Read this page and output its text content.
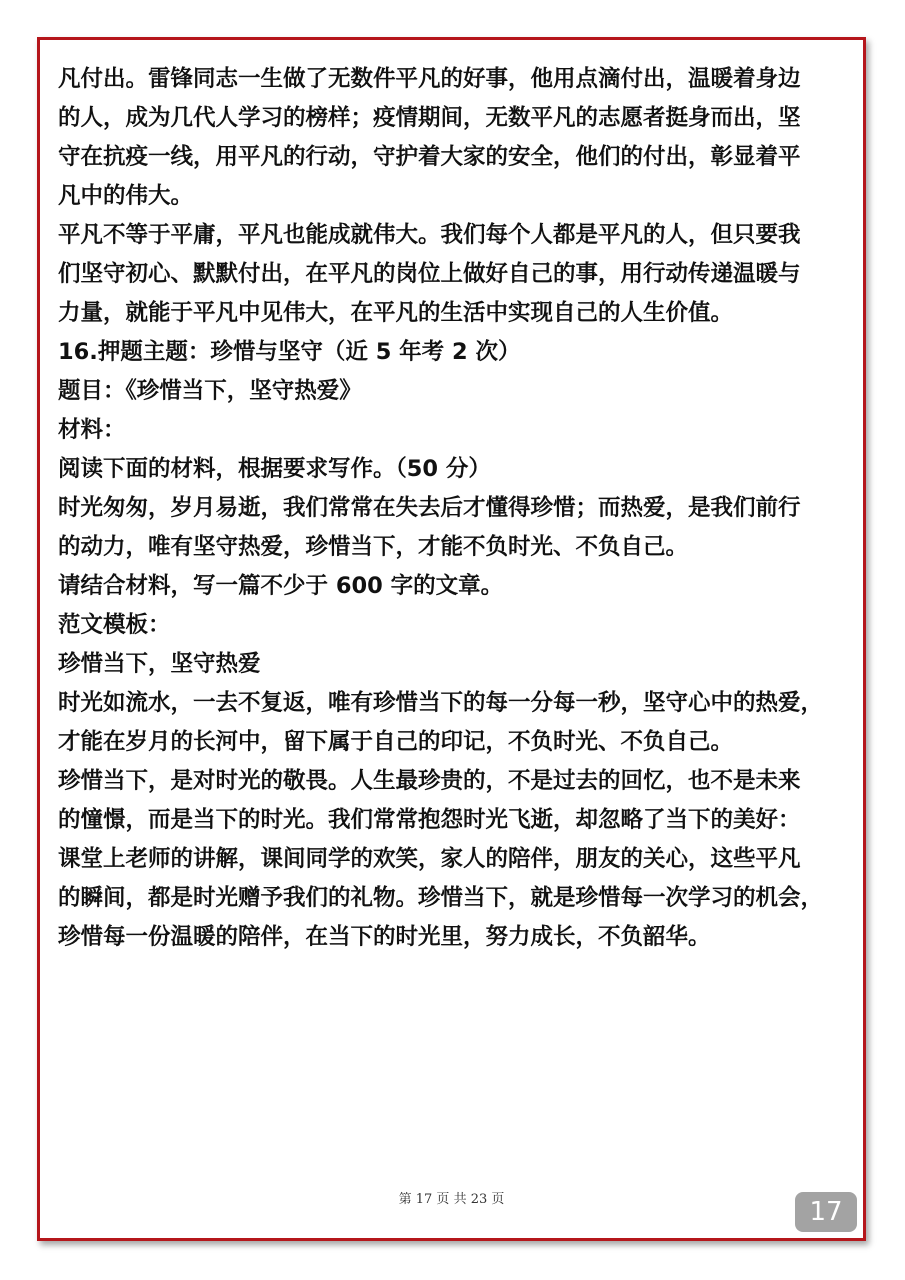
凡付出。雷锋同志一生做了无数件平凡的好事，他用点滴付出，温暖着身边
的人，成为几代人学习的榜样；疫情期间，无数平凡的志愿者挺身而出，坚
守在抗疫一线，用平凡的行动，守护着大家的安全，他们的付出，彰显着平
凡中的伟大。
平凡不等于平庸，平凡也能成就伟大。我们每个人都是平凡的人，但只要我
们坚守初心、默默付出，在平凡的岗位上做好自己的事，用行动传递温暖与
力量，就能于平凡中见伟大，在平凡的生活中实现自己的人生价值。
16.押题主题：珍惜与坚守（近 5 年考 2 次）
题目：《珍惜当下，坚守热爱》
材料：
阅读下面的材料，根据要求写作。（50 分）
时光匆匆，岁月易逝，我们常常在失去后才懂得珍惜；而热爱，是我们前行
的动力，唯有坚守热爱，珍惜当下，才能不负时光、不负自己。
请结合材料，写一篇不少于 600 字的文章。
范文模板：
珍惜当下，坚守热爱
时光如流水，一去不复返，唯有珍惜当下的每一分每一秒，坚守心中的热爱，
才能在岁月的长河中，留下属于自己的印记，不负时光、不负自己。
珍惜当下，是对时光的敬畏。人生最珍贵的，不是过去的回忆，也不是未来
的憧憬，而是当下的时光。我们常常抱怨时光飞逝，却忽略了当下的美好：
课堂上老师的讲解，课间同学的欢笑，家人的陪伴，朋友的关心，这些平凡
的瞬间，都是时光赠予我们的礼物。珍惜当下，就是珍惜每一次学习的机会，
珍惜每一份温暖的陪伴，在当下的时光里，努力成长，不负韶华。
第 17 页 共 23 页	17
